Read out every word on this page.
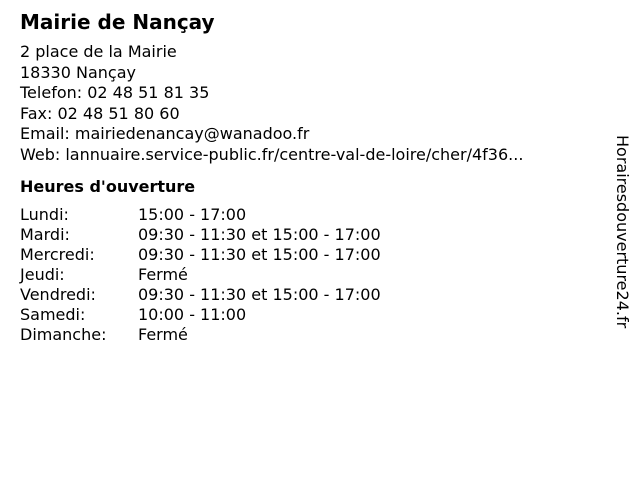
Mairie de Nançay
2 place de la Mairie
18330 Nançay
Telefon: 02 48 51 81 35
Fax: 02 48 51 80 60
Email: mairiedenancay@wanadoo.fr
Web: lannuaire.service-public.fr/centre-val-de-loire/cher/4f36...
Heures d'ouverture
Lundi:	15:00 - 17:00
Mardi:	09:30 - 11:30 et 15:00 - 17:00
Mercredi:	09:30 - 11:30 et 15:00 - 17:00
Jeudi:	Fermé
Vendredi:	09:30 - 11:30 et 15:00 - 17:00
Samedi:	10:00 - 11:00
Dimanche:	Fermé
Horairesdouverture24.fr
